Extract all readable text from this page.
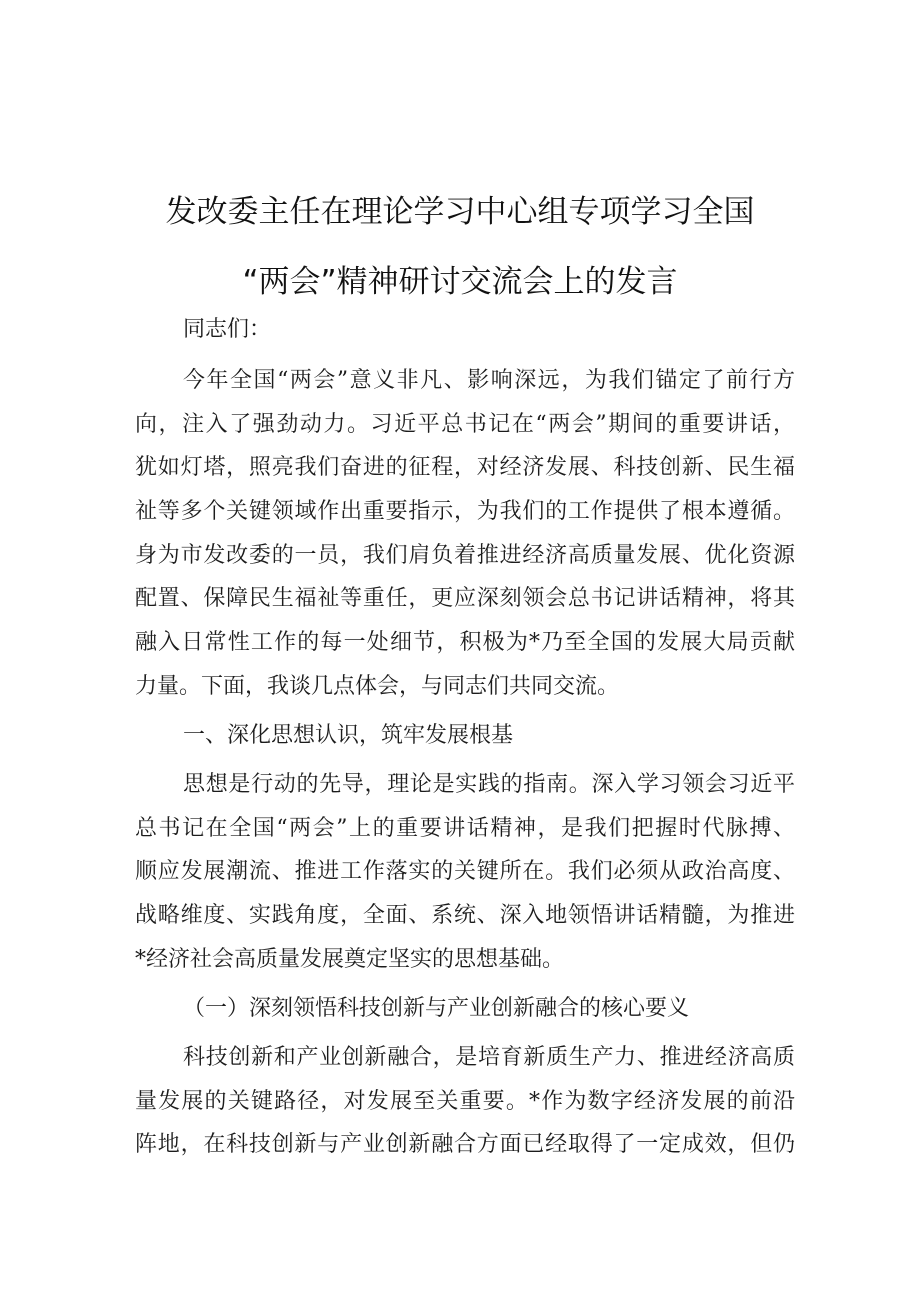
发改委主任在理论学习中心组专项学习全国
“两会”精神研讨交流会上的发言
同志们：
今年全国“两会”意义非凡、影响深远，为我们锚定了前行方
向，注入了强劲动力。习近平总书记在“两会”期间的重要讲话，
犹如灯塔，照亮我们奋进的征程，对经济发展、科技创新、民生福
祉等多个关键领域作出重要指示，为我们的工作提供了根本遵循。
身为市发改委的一员，我们肩负着推进经济高质量发展、优化资源
配置、保障民生福祉等重任，更应深刻领会总书记讲话精神，将其
融入日常性工作的每一处细节，积极为*乃至全国的发展大局贡献
力量。下面，我谈几点体会，与同志们共同交流。
一、深化思想认识，筑牢发展根基
思想是行动的先导，理论是实践的指南。深入学习领会习近平
总书记在全国“两会”上的重要讲话精神，是我们把握时代脉搏、
顺应发展潮流、推进工作落实的关键所在。我们必须从政治高度、
战略维度、实践角度，全面、系统、深入地领悟讲话精髓，为推进
*经济社会高质量发展奠定坚实的思想基础。
（一）深刻领悟科技创新与产业创新融合的核心要义
科技创新和产业创新融合，是培育新质生产力、推进经济高质
量发展的关键路径，对发展至关重要。*作为数字经济发展的前沿
阵地，在科技创新与产业创新融合方面已经取得了一定成效，但仍
